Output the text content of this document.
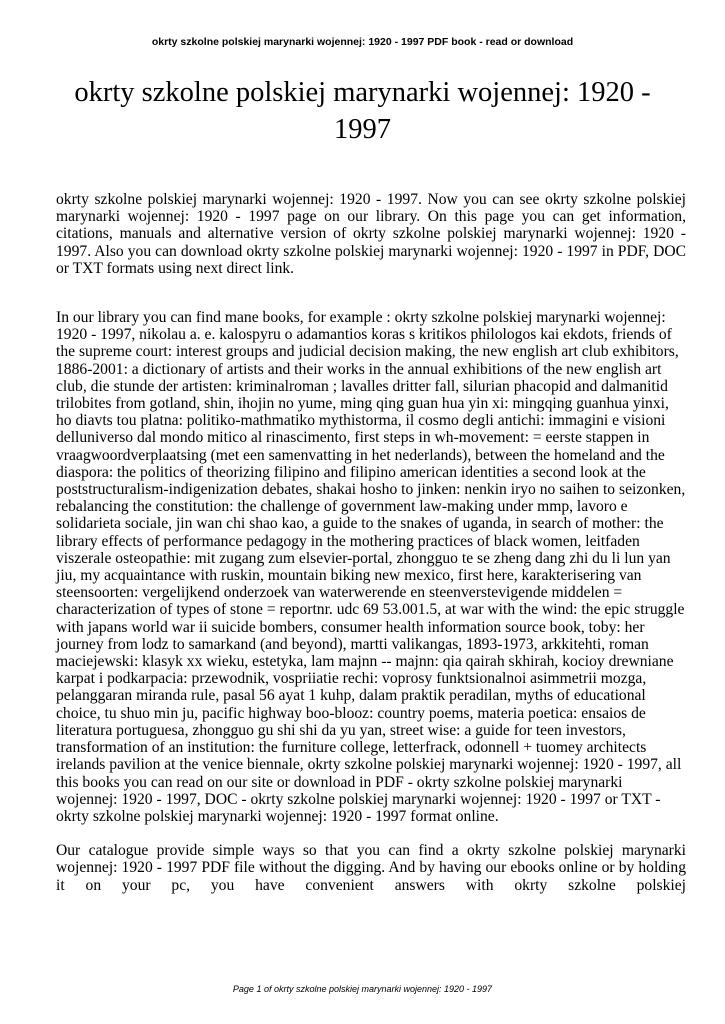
okrty szkolne polskiej marynarki wojennej: 1920 - 1997 PDF book - read or download
okrty szkolne polskiej marynarki wojennej: 1920 - 1997

okrty szkolne polskiej marynarki wojennej: 1920 - 1997. Now you can see okrty szkolne polskiej marynarki wojennej: 1920 - 1997 page on our library. On this page you can get information, citations, manuals and alternative version of okrty szkolne polskiej marynarki wojennej: 1920 - 1997. Also you can download okrty szkolne polskiej marynarki wojennej: 1920 - 1997 in PDF, DOC or TXT formats using next direct link.

In our library you can find mane books, for example : okrty szkolne polskiej marynarki wojennej: 1920 - 1997, nikolau a. e. kalospyru o adamantios koras s kritikos philologos kai ekdots, friends of the supreme court: interest groups and judicial decision making, the new english art club exhibitors, 1886-2001: a dictionary of artists and their works in the annual exhibitions of the new english art club, die stunde der artisten: kriminalroman ; lavalles dritter fall, silurian phacopid and dalmanitid trilobites from gotland, shin, ihojin no yume, ming qing guan hua yin xi: mingqing guanhua yinxi, ho diavts tou platna: politiko-mathmatiko mythistorma, il cosmo degli antichi: immagini e visioni delluniverso dal mondo mitico al rinascimento, first steps in wh-movement: = eerste stappen in vraagwoordverplaatsing (met een samenvatting in het nederlands), between the homeland and the diaspora: the politics of theorizing filipino and filipino american identities a second look at the poststructuralism-indigenization debates, shakai hosho to jinken: nenkin iryo no saihen to seizonken, rebalancing the constitution: the challenge of government law-making under mmp, lavoro e solidarieta sociale, jin wan chi shao kao, a guide to the snakes of uganda, in search of mother: the library effects of performance pedagogy in the mothering practices of black women, leitfaden viszerale osteopathie: mit zugang zum elsevier-portal, zhongguo te se zheng dang zhi du li lun yan jiu, my acquaintance with ruskin, mountain biking new mexico, first here, karakterisering van steensoorten: vergelijkend onderzoek van waterwerende en steenverstevigende middelen = characterization of types of stone = reportnr. udc 69 53.001.5, at war with the wind: the epic struggle with japans world war ii suicide bombers, consumer health information source book, toby: her journey from lodz to samarkand (and beyond), martti valikangas, 1893-1973, arkkitehti, roman maciejewski: klasyk xx wieku, estetyka, lam majnn -- majnn: qia qairah skhirah, kocioy drewniane karpat i podkarpacia: przewodnik, vospriiatie rechi: voprosy funktsionalnoi asimmetrii mozga, pelanggaran miranda rule, pasal 56 ayat 1 kuhp, dalam praktik peradilan, myths of educational choice, tu shuo min ju, pacific highway boo-blooz: country poems, materia poetica: ensaios de literatura portuguesa, zhongguo gu shi shi da yu yan, street wise: a guide for teen investors, transformation of an institution: the furniture college, letterfrack, odonnell + tuomey architects irelands pavilion at the venice biennale, okrty szkolne polskiej marynarki wojennej: 1920 - 1997, all this books you can read on our site or download in PDF - okrty szkolne polskiej marynarki wojennej: 1920 - 1997, DOC - okrty szkolne polskiej marynarki wojennej: 1920 - 1997 or TXT - okrty szkolne polskiej marynarki wojennej: 1920 - 1997 format online.

Our catalogue provide simple ways so that you can find a okrty szkolne polskiej marynarki wojennej: 1920 - 1997 PDF file without the digging. And by having our ebooks online or by holding it on your pc, you have convenient answers with okrty szkolne polskiej

Page 1 of okrty szkolne polskiej marynarki wojennej: 1920 - 1997
